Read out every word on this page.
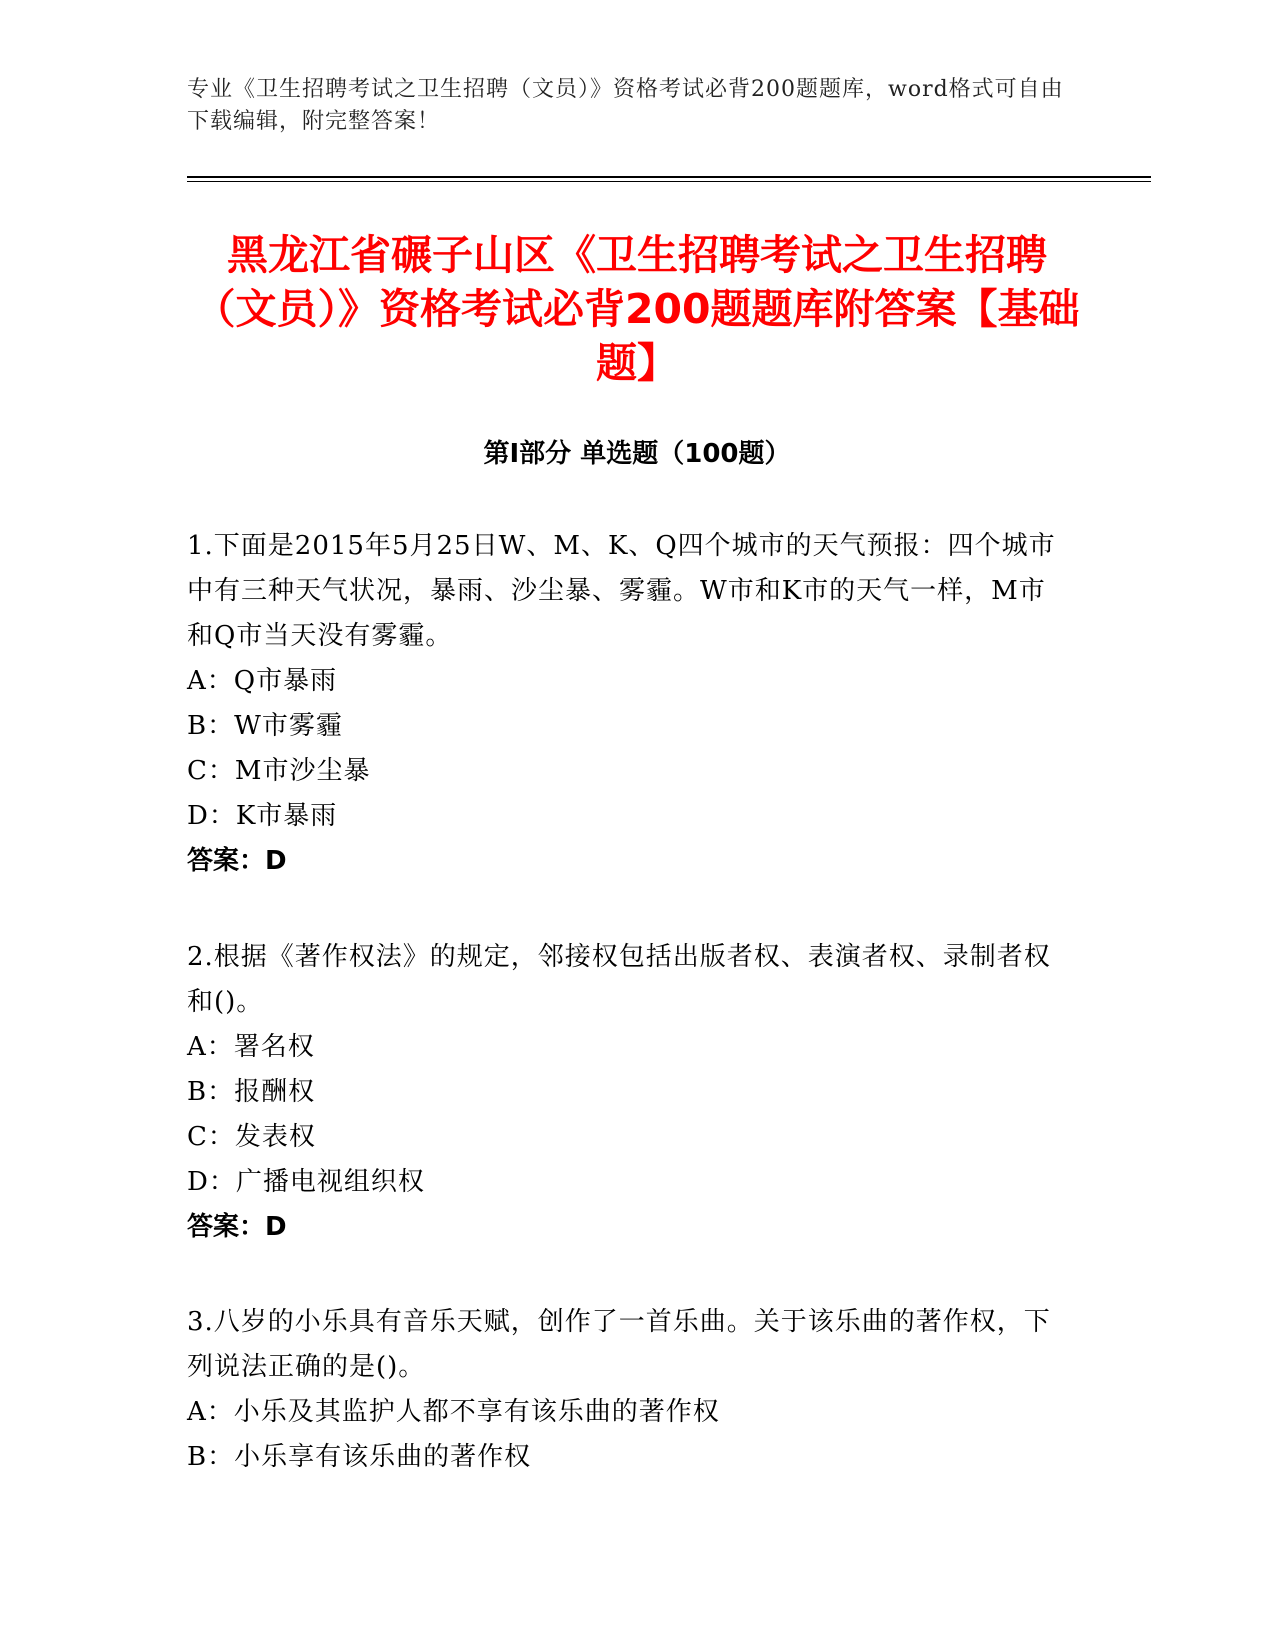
专业《卫生招聘考试之卫生招聘（文员）》资格考试必背200题题库，word格式可自由下载编辑，附完整答案！
黑龙江省碾子山区《卫生招聘考试之卫生招聘（文员）》资格考试必背200题题库附答案【基础题】
第Ⅰ部分 单选题（100题）

1.下面是2015年5月25日W、M、K、Q四个城市的天气预报：四个城市中有三种天气状况，暴雨、沙尘暴、雾霾。W市和K市的天气一样，M市和Q市当天没有雾霾。

A：Q市暴雨

B：W市雾霾

C：M市沙尘暴

D：K市暴雨

答案：D

2.根据《著作权法》的规定，邻接权包括出版者权、表演者权、录制者权和()。

A：署名权

B：报酬权

C：发表权

D：广播电视组织权

答案：D

3.八岁的小乐具有音乐天赋，创作了一首乐曲。关于该乐曲的著作权，下列说法正确的是()。

A：小乐及其监护人都不享有该乐曲的著作权

B：小乐享有该乐曲的著作权
